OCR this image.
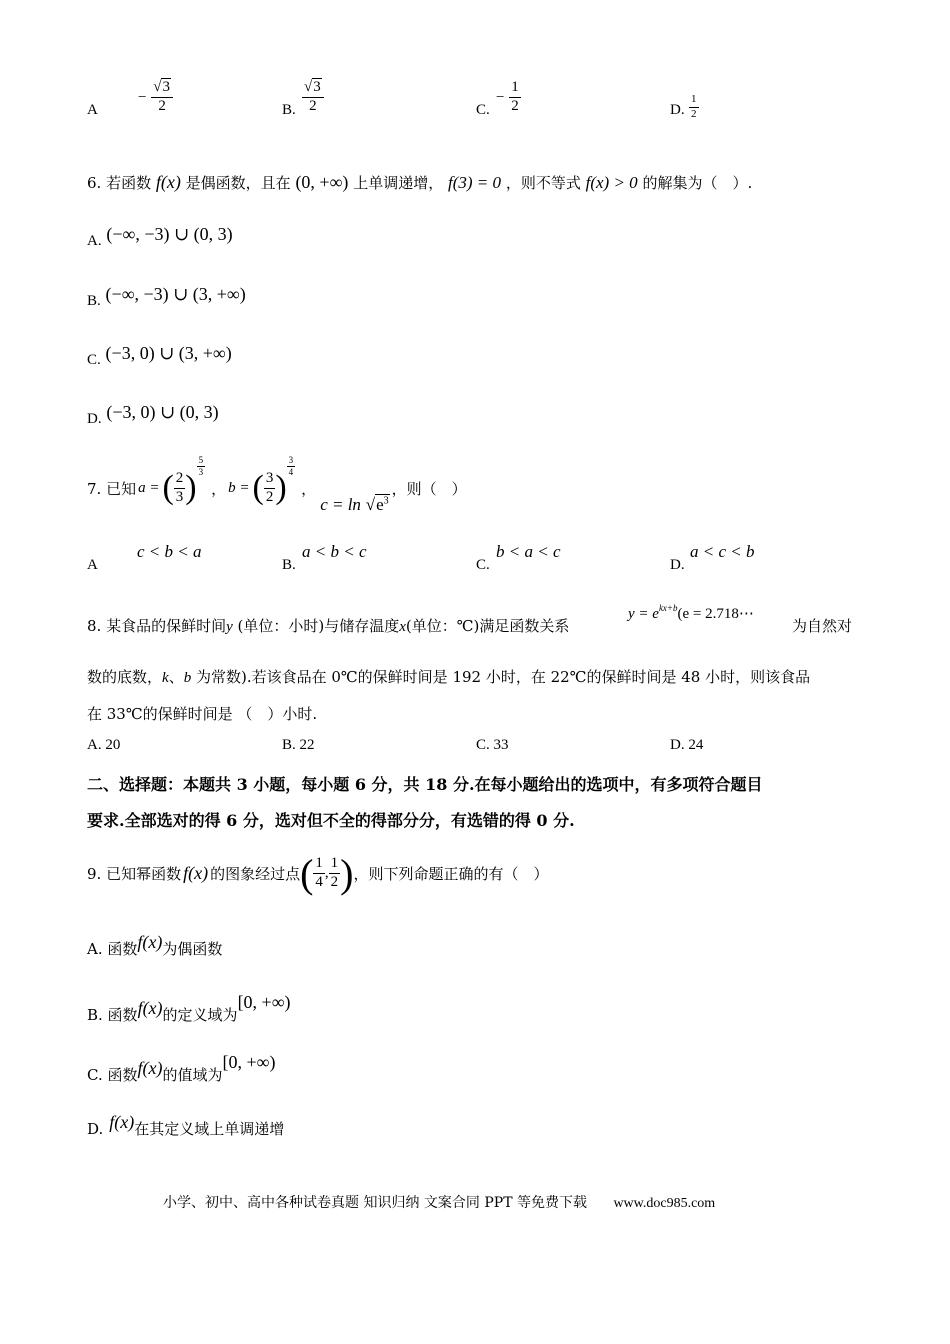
A
− $\frac{√3}{2}$	B. $\frac{√3}{2}$	C.
− $\frac{1}{2}$	D. $\frac{1}{2}$
6. 若函数 f(x) 是偶函数，且在 (0, +∞) 上单调递增， f(3) = 0 ，则不等式 f(x) > 0 的解集为（　）.
A. (−∞, −3) ∪ (0, 3)
B. (−∞, −3) ∪ (3, +∞)
C. (−3, 0) ∪ (3, +∞)
D. (−3, 0) ∪ (0, 3)
7. 已知 a = ( $\frac{2}{3}$ )
$\frac{5}{3}$
， b = ( $\frac{3}{2}$ )
$\frac{3}{4}$
，
$c = \ln √e^3$
，则（　）
A
c < b < a
B.
a < b < c
C.
b < a < c
D.
a < c < b
8. 某食品的保鲜时间y (单位：小时)与储存温度x(单位：℃)满足函数关系
$y = e^{kx+b}(e$ = 2.718⋯
为自然对
数的底数，k、b 为常数).若该食品在 0℃的保鲜时间是 192 小时，在 22℃的保鲜时间是 48 小时，则该食品
在 33℃的保鲜时间是 （　）小时.
A. 20	B. 22	C. 33	D. 24
二、选择题：本题共 3 小题，每小题 6 分，共 18 分.在每小题给出的选项中，有多项符合题目
要求.全部选对的得 6 分，选对但不全的得部分分，有选错的得 0 分.
9. 已知幂函数 f(x) 的图象经过点 ( $\frac{1}{4}$ , $\frac{1}{2}$ ) ，则下列命题正确的有（　）
A. 函数f(x)为偶函数
B. 函数f(x)的定义域为[0, +∞)
C. 函数f(x)的值域为[0, +∞)
D. f(x)在其定义域上单调递增
小学、初中、高中各种试卷真题 知识归纳 文案合同 PPT 等免费下载 www.doc985.com
